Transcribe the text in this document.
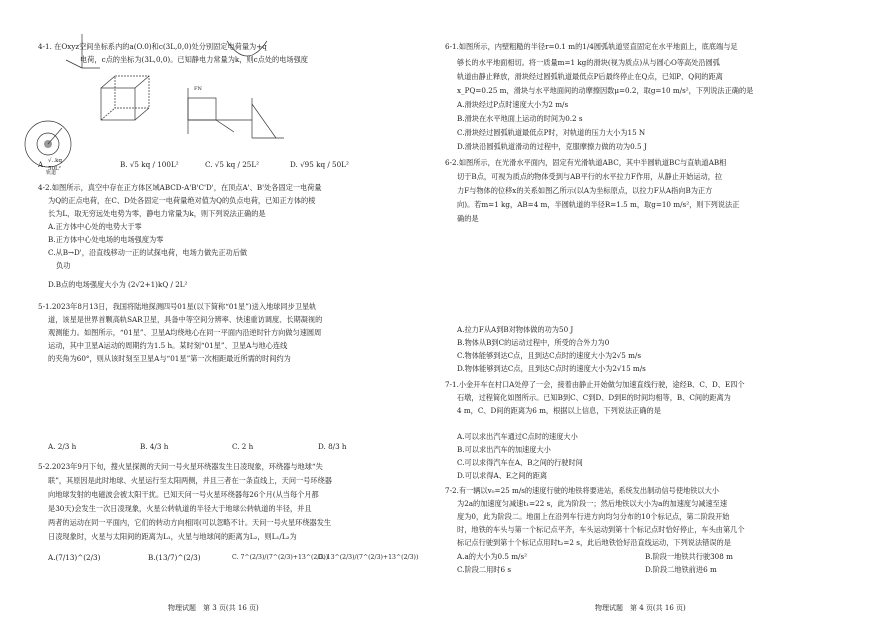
4-1. 在Oxyz空间坐标系内的a(O.0)和c(3L,0,0)处分别固定电荷量为+q
电荷，c点的坐标为(3L,0,0)。已知静电力常量为k，则c点处的电场强度
轨道
FN
A. √‥kq
50L²	B. √5 kq / 100L²	C. √5 kq / 25L²	D. √95 kq / 50L²
4-2.如图所示，真空中存在正方体区域ABCD-A'B'C'D'，在顶点A'、B'处各固定一电荷量
为Q的正点电荷，在C、D处各固定一电荷量绝对值为Q的负点电荷，已知正方体的棱
长为L，取无穷远处电势为零，静电力常量为k，则下列说法正确的是
A.正方体中心处的电势大于零
B.正方体中心处电场的电场强度为零
C.从B→D'，沿直线移动一正的试探电荷，电场力做先正功后做
负功
D.B点的电场强度大小为 (2√2+1)kQ / 2L²
5-1.2023年8月13日，我国将陆地探测四号01星(以下简称“01星”)送入地球同步卫星轨
道，该星是世界首颗高轨SAR卫星，具备中等空间分辨率、快速重访调度、长期凝视的
观测能力。如图所示，“01星”、卫星A均绕地心在同一平面内沿逆时针方向做匀速圆周
运动，其中卫星A运动的周期约为1.5 h。某时刻“01星”、卫星A与地心连线
的夹角为60°，则从该时刻至卫星A与“01星”第一次相距最近所需的时间约为
A. 2/3 h	B. 4/3 h	C. 2 h	D. 8/3 h
5-2.2023年9月下旬，搜火星探测的天问一号火星环绕器发生日凌现象，环绕器与地球“失
联”，其原因是此时地球、火星运行至太阳两侧，并且三者在一条直线上，天问一号环绕器
向地球发射的电磁波会被太阳干扰。已知天问一号火星环绕器每26个月(从当每个月都
是30天)会发生一次日凌现象，火星公转轨道的半径大于地球公转轨道的半径，并且
两者的运动在同一平面内，它们的转动方向相同(可以忽略不计。天问一号火星环绕器发生
日凌现象时，火星与太阳间的距离为L₁，火星与地球间的距离为L₂，则L₁/L₂为
A.(7/13)^(2/3)	B.(13/7)^(2/3)	C. 7^(2/3)/(7^(2/3)+13^(2/3))
D. 13^(2/3)/(7^(2/3)+13^(2/3))
物理试题　第 3 页(共 16 页)
6-1.如图所示，内壁粗糙的半径r=0.1 m的1/4圆弧轨道竖直固定在水平地面上，底底端与足
够长的水平地面相切。将一质量m=1 kg的滑块(视为质点)从与圆心O等高处沿圆弧
轨道由静止释放，滑块经过圆弧轨道最低点P后最终停止在Q点，已知P、Q间的距离
x_PQ=0.25 m，滑块与水平地面间的动摩擦因数μ=0.2，取g=10 m/s²，下列说法正确的是
A.滑块经过P点时速度大小为2 m/s
B.滑块在水平地面上运动的时间为0.2 s
C.滑块经过圆弧轨道最低点P时，对轨道的压力大小为15 N
D.滑块沿圆弧轨道滑动的过程中，克服摩擦力做的功为0.5 J
6-2.如图所示，在光滑水平面内，固定有光滑轨道ABC，其中半圆轨道BC与直轨道AB相
切于B点，可视为质点的物体受到与AB平行的水平拉力F作用，从静止开始运动，拉
力F与物体的位移x的关系如图乙所示(以A为坐标原点，以拉力F从A指向B为正方
向)。若m=1 kg，AB=4 m，半圆轨道的半径R=1.5 m，取g=10 m/s²，则下列说法正
确的是
A.拉力F从A到B对物体做的功为50 J
B.物体从B到C的运动过程中，所受的合外力为0
C.物体能够到达C点，且到达C点时的速度大小为2√5 m/s
D.物体能够到达C点，且到达C点时的速度大小为2√15 m/s
7-1.小金开车在村口A处停了一会，接着由静止开始做匀加速直线行驶，途经B、C、D、E四个
石墩，过程简化如图所示。已知B到C、C到D、D到E的时间均相等，B、C间的距离为
4 m，C、D间的距离为6 m，根据以上信息，下列说法正确的是
A.可以求出汽车通过C点时的速度大小
B.可以求出汽车的加速度大小
C.可以求得汽车在A、B之间的行驶时间
D.可以求得A、E之间的距离
7-2.有一辆以v₀=25 m/s的速度行驶的地铁将要进站，系统发出制动信号使地铁以大小
为2a的加速度匀减速t₁=22 s，此为阶段一；然后地铁以大小为a的加速度匀减速至速
度为0，此为阶段二。地面上在沿列车行进方向均匀分布的10个标记点，第二阶段开始
时，地铁的车头与第一个标记点平齐，车头运动到第十个标记点时恰好停止，车头由第几个
标记点行驶到第十个标记点用时t₂=2 s，此后地铁恰好沿直线运动，下列说法错误的是
A.a的大小为0.5 m/s²	B.阶段一地铁共行驶308 m
C.阶段二用时6 s	D.阶段二地铁前进6 m
物理试题　第 4 页(共 16 页)
